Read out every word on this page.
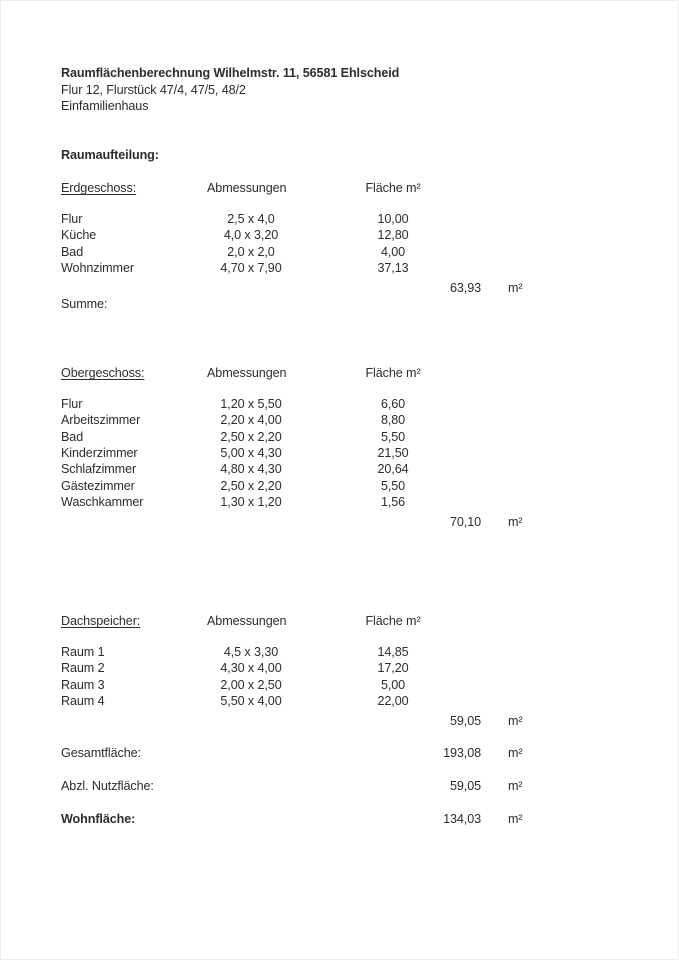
Raumflächenberechnung Wilhelmstr. 11, 56581 Ehlscheid
Flur 12, Flurstück 47/4, 47/5, 48/2
Einfamilienhaus
Raumaufteilung:
Erdgeschoss:	Abmessungen	Fläche m²
Flur	2,5 x 4,0	10,00
Küche	4,0 x 3,20	12,80
Bad	2,0 x 2,0	4,00
Wohnzimmer	4,70 x 7,90	37,13
63,93 m²
Summe:
Obergeschoss:	Abmessungen	Fläche m²
Flur	1,20 x 5,50	6,60
Arbeitszimmer	2,20 x 4,00	8,80
Bad	2,50 x 2,20	5,50
Kinderzimmer	5,00 x 4,30	21,50
Schlafzimmer	4,80 x 4,30	20,64
Gästezimmer	2,50 x 2,20	5,50
Waschkammer	1,30 x 1,20	1,56
70,10 m²
Dachspeicher:	Abmessungen	Fläche m²
Raum 1	4,5 x 3,30	14,85
Raum 2	4,30 x 4,00	17,20
Raum 3	2,00 x 2,50	5,00
Raum 4	5,50 x 4,00	22,00
59,05 m²
Gesamtfläche:	193,08 m²
Abzl. Nutzfläche:	59,05 m²
Wohnfläche:	134,03 m²
